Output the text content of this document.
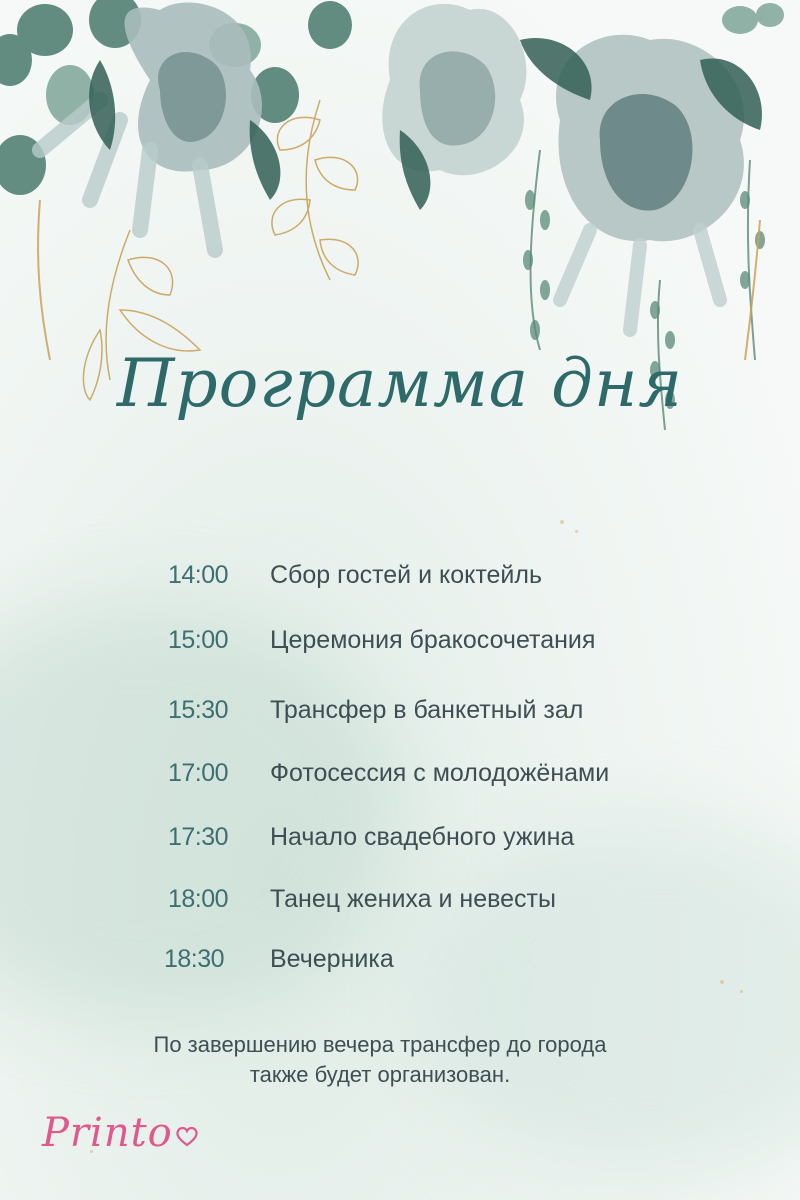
Программа дня
14:00	Сбор гостей и коктейль
15:00	Церемония бракосочетания
15:30	Трансфер в банкетный зал
17:00	Фотосессия с молодожёнами
17:30	Начало свадебного ужина
18:00	Танец жениха и невесты
18:30	Вечерника
По завершению вечера трансфер до города также будет организован.
Printo
